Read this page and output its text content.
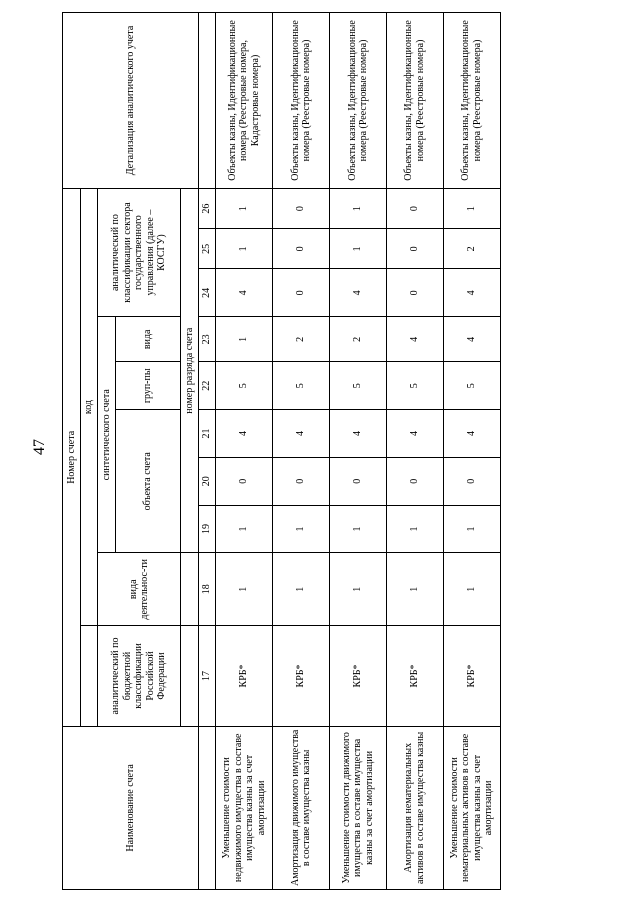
47
Наименование счета	Номер счета										Детализация аналитического учета
		код									
	аналитический по бюджетной классификации Российской Федерации	вида деятельнос-ти	синтетического счета					аналитический по классификации сектора государственного управления (далее – КОСГУ)			
			объекта счета			груп-пы	вида				
			номер разряда счета								
	17	18	19	20	21	22	23	24	25	26	
Уменьшение стоимости недвижимого имущества в составе имущества казны за счет амортизации	КРБ*	1	1	0	4	5	1	4	1	1	Объекты казны, Идентификационные номера (Реестровые номера, Кадастровые номера)
Амортизация движимого имущества в составе имущества казны	КРБ*	1	1	0	4	5	2	0	0	0	Объекты казны, Идентификационные номера (Реестровые номера)
Уменьшение стоимости движимого имущества в составе имущества казны за счет амортизации	КРБ*	1	1	0	4	5	2	4	1	1	Объекты казны, Идентификационные номера (Реестровые номера)
Амортизация нематериальных активов в составе имущества казны	КРБ*	1	1	0	4	5	4	0	0	0	Объекты казны, Идентификационные номера (Реестровые номера)
Уменьшение стоимости нематериальных активов в составе имущества казны за счет амортизации	КРБ*	1	1	0	4	5	4	4	2	1	Объекты казны, Идентификационные номера (Реестровые номера)
